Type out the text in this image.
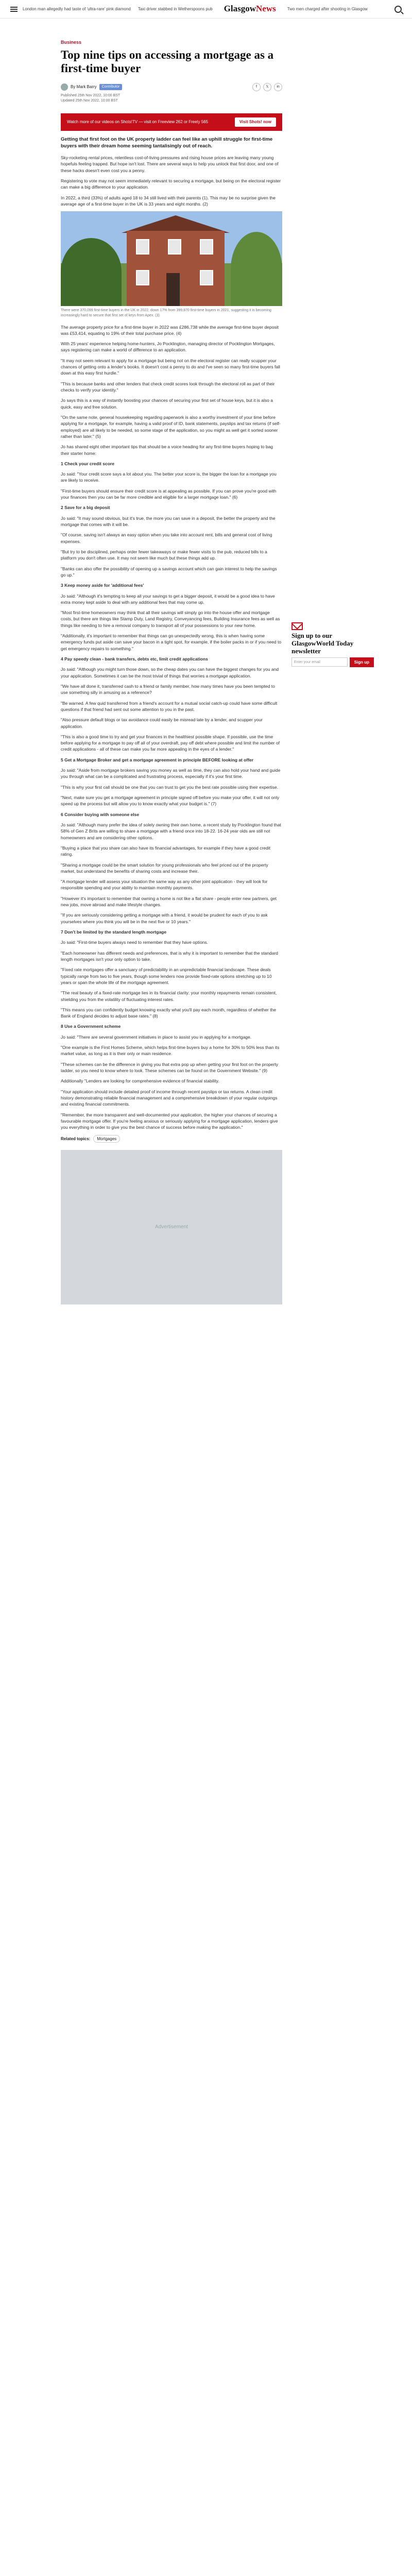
London man allegedly had taste of 'ultra-rare' pink diamond Taxi driver stabbed in Wetherspoons pub GlasgowNews	Two men charged after shooting in Glasgow
Business
Top nine tips on accessing a mortgage as a first-time buyer
By Mark Barry	Contributor	f	𝕏	in
Published 25th Nov 2022, 10:00 BST
Updated 25th Nov 2022, 10:00 BST
Watch more of our videos on Shots!TV — visit on Freeview 262 or Freely 565	Visit Shots! now

Getting that first foot on the UK property ladder can feel like an uphill struggle for first-time buyers with their dream home seeming tantalisingly out of reach.

Sky-rocketing rental prices, relentless cost-of-living pressures and rising house prices are leaving many young hopefuls feeling trapped. But hope isn't lost. There are several ways to help you unlock that first door, and one of these hacks doesn't even cost you a penny.

Registering to vote may not seem immediately relevant to securing a mortgage, but being on the electoral register can make a big difference to your application.

In 2022, a third (33%) of adults aged 18 to 34 still lived with their parents (1). This may be no surprise given the average age of a first-time buyer in the UK is 33 years and eight months. (2)

There were 370,099 first-time buyers in the UK in 2022, down 17% from 399,870 first-time buyers in 2021, suggesting it is becoming increasingly hard to secure that first set of keys from Apex. (3)

The average property price for a first-time buyer in 2022 was £286,738 while the average first-time buyer deposit was £53,414, equating to 19% of their total purchase price. (4)

With 25 years' experience helping home-hunters, Jo Pocklington, managing director of Pocklington Mortgages, says registering can make a world of difference to an application.

"It may not seem relevant to apply for a mortgage but being not on the electoral register can really scupper your chances of getting onto a lender's books. It doesn't cost a penny to do and I've seen so many first-time buyers fall down at this easy first hurdle."

"This is because banks and other lenders that check credit scores look through the electoral roll as part of their checks to verify your identity."

Jo says this is a way of instantly boosting your chances of securing your first set of house keys, but it is also a quick, easy and free solution.

"On the same note, general housekeeping regarding paperwork is also a worthy investment of your time before applying for a mortgage, for example, having a valid proof of ID, bank statements, payslips and tax returns (if self-employed) are all likely to be needed, so some stage of the application, so you might as well get it sorted sooner rather than later." (5)

Jo has shared eight other important tips that should be a voice heading for any first-time buyers hoping to bag their starter home:

1 Check your credit score

Jo said: "Your credit score says a lot about you. The better your score is, the bigger the loan for a mortgage you are likely to receive.

"First-time buyers should ensure their credit score is at appealing as possible. If you can prove you're good with your finances then you can be far more credible and eligible for a larger mortgage loan." (6)

2 Save for a big deposit

Jo said: "It may sound obvious, but it's true, the more you can save in a deposit, the better the property and the mortgage that comes with it will be.

"Of course, saving isn't always an easy option when you take into account rent, bills and general cost of living expenses.

"But try to be disciplined, perhaps order fewer takeaways or make fewer visits to the pub, reduced bills to a platform you don't often use. It may not seem like much but these things add up.

"Banks can also offer the possibility of opening up a savings account which can gain interest to help the savings go up."

3 Keep money aside for 'additional fees'

Jo said: "Although it's tempting to keep all your savings to get a bigger deposit, it would be a good idea to have extra money kept aside to deal with any additional fees that may come up.

"Most first-time homeowners may think that all their savings will simply go into the house offer and mortgage costs, but there are things like Stamp Duty, Land Registry, Conveyancing fees, Building Insurance fees as well as things like needing to hire a removal company to transport all of your possessions to your new home.

"Additionally, it's important to remember that things can go unexpectedly wrong, this is when having some emergency funds put aside can save your bacon in a tight spot, for example, if the boiler packs in or if you need to get emergency repairs to something."

4 Pay speedy clean - bank transfers, debts etc, limit credit applications

Jo said: "Although you might turn those down, so the cheap dates you can have the biggest changes for you and your application. Sometimes it can be the most trivial of things that worries a mortgage application.

"We have all done it, transferred cash to a friend or family member, how many times have you been tempted to use something silly in amusing as a reference?

"Be warned. A few quid transferred from a friend's account for a mutual social catch-up could have some difficult questions if that friend had sent out some attention to you in the past.

"Also pressure default blogs or tax avoidance could easily be misread late by a lender, and scupper your application.

"This is also a good time to try and get your finances in the healthiest possible shape. If possible, use the time before applying for a mortgage to pay off all of your overdraft, pay off debt where possible and limit the number of credit applications - all of these can make you far more appealing in the eyes of a lender."

5 Get a Mortgage Broker and get a mortgage agreement in principle BEFORE looking at offer

Jo said: "Aside from mortgage brokers saving you money as well as time, they can also hold your hand and guide you through what can be a complicated and frustrating process, especially if it's your first time.

"This is why your first call should be one that you can trust to get you the best rate possible using their expertise.

"Next, make sure you get a mortgage agreement in principle signed off before you make your offer, it will not only speed up the process but will allow you to know exactly what your budget is." (7)

6 Consider buying with someone else

Jo said: "Although many prefer the idea of solely owning their own home, a recent study by Pocklington found that 58% of Gen Z Brits are willing to share a mortgage with a friend once into 18-22. 16-24 year olds are still not homeowners and are considering other options.

"Buying a place that you share can also have its financial advantages, for example if they have a good credit rating.

"Sharing a mortgage could be the smart solution for young professionals who feel priced out of the property market, but understand the benefits of sharing costs and increase their.

"A mortgage lender will assess your situation the same way as any other joint application - they will look for responsible spending and your ability to maintain monthly payments.

"However it's important to remember that owning a home is not like a flat share - people enter new partners, get new jobs, move abroad and make lifestyle changes.

"If you are seriously considering getting a mortgage with a friend, it would be prudent for each of you to ask yourselves where you think you will be in the next five or 10 years."

7 Don't be limited by the standard length mortgage

Jo said: "First-time buyers always need to remember that they have options.

"Each homeowner has different needs and preferences, that is why it is important to remember that the standard length mortgages isn't your only option to take.

"Fixed rate mortgages offer a sanctuary of predictability in an unpredictable financial landscape. These deals typically range from two to five years, though some lenders now provide fixed-rate options stretching up to 10 years or span the whole life of the mortgage agreement.

"The real beauty of a fixed-rate mortgage lies in its financial clarity: your monthly repayments remain consistent, shielding you from the volatility of fluctuating interest rates.

"This means you can confidently budget knowing exactly what you'll pay each month, regardless of whether the Bank of England decides to adjust base rates." (8)

8 Use a Government scheme

Jo said: "There are several government initiatives in place to assist you in applying for a mortgage.

"One example is the First Homes Scheme, which helps first-time buyers buy a home for 30% to 50% less than its market value, as long as it is their only or main residence.

"These schemes can be the difference in giving you that extra pop up when getting your first foot on the property ladder, so you need to know where to look. These schemes can be found on the Government Website." (9)

Additionally "Lenders are looking for comprehensive evidence of financial stability.

"Your application should include detailed proof of income through recent payslips or tax returns. A clean credit history demonstrating reliable financial management and a comprehensive breakdown of your regular outgoings and existing financial commitments.

"Remember, the more transparent and well-documented your application, the higher your chances of securing a favourable mortgage offer. If you're feeling anxious or seriously applying for a mortgage application, lenders give you everything in order to give you the best chance of success before making the application."

Related topics:	Mortgages
Advertisement
Sign up to our
GlasgowWorld Today newsletter
Enter your email	Sign up
